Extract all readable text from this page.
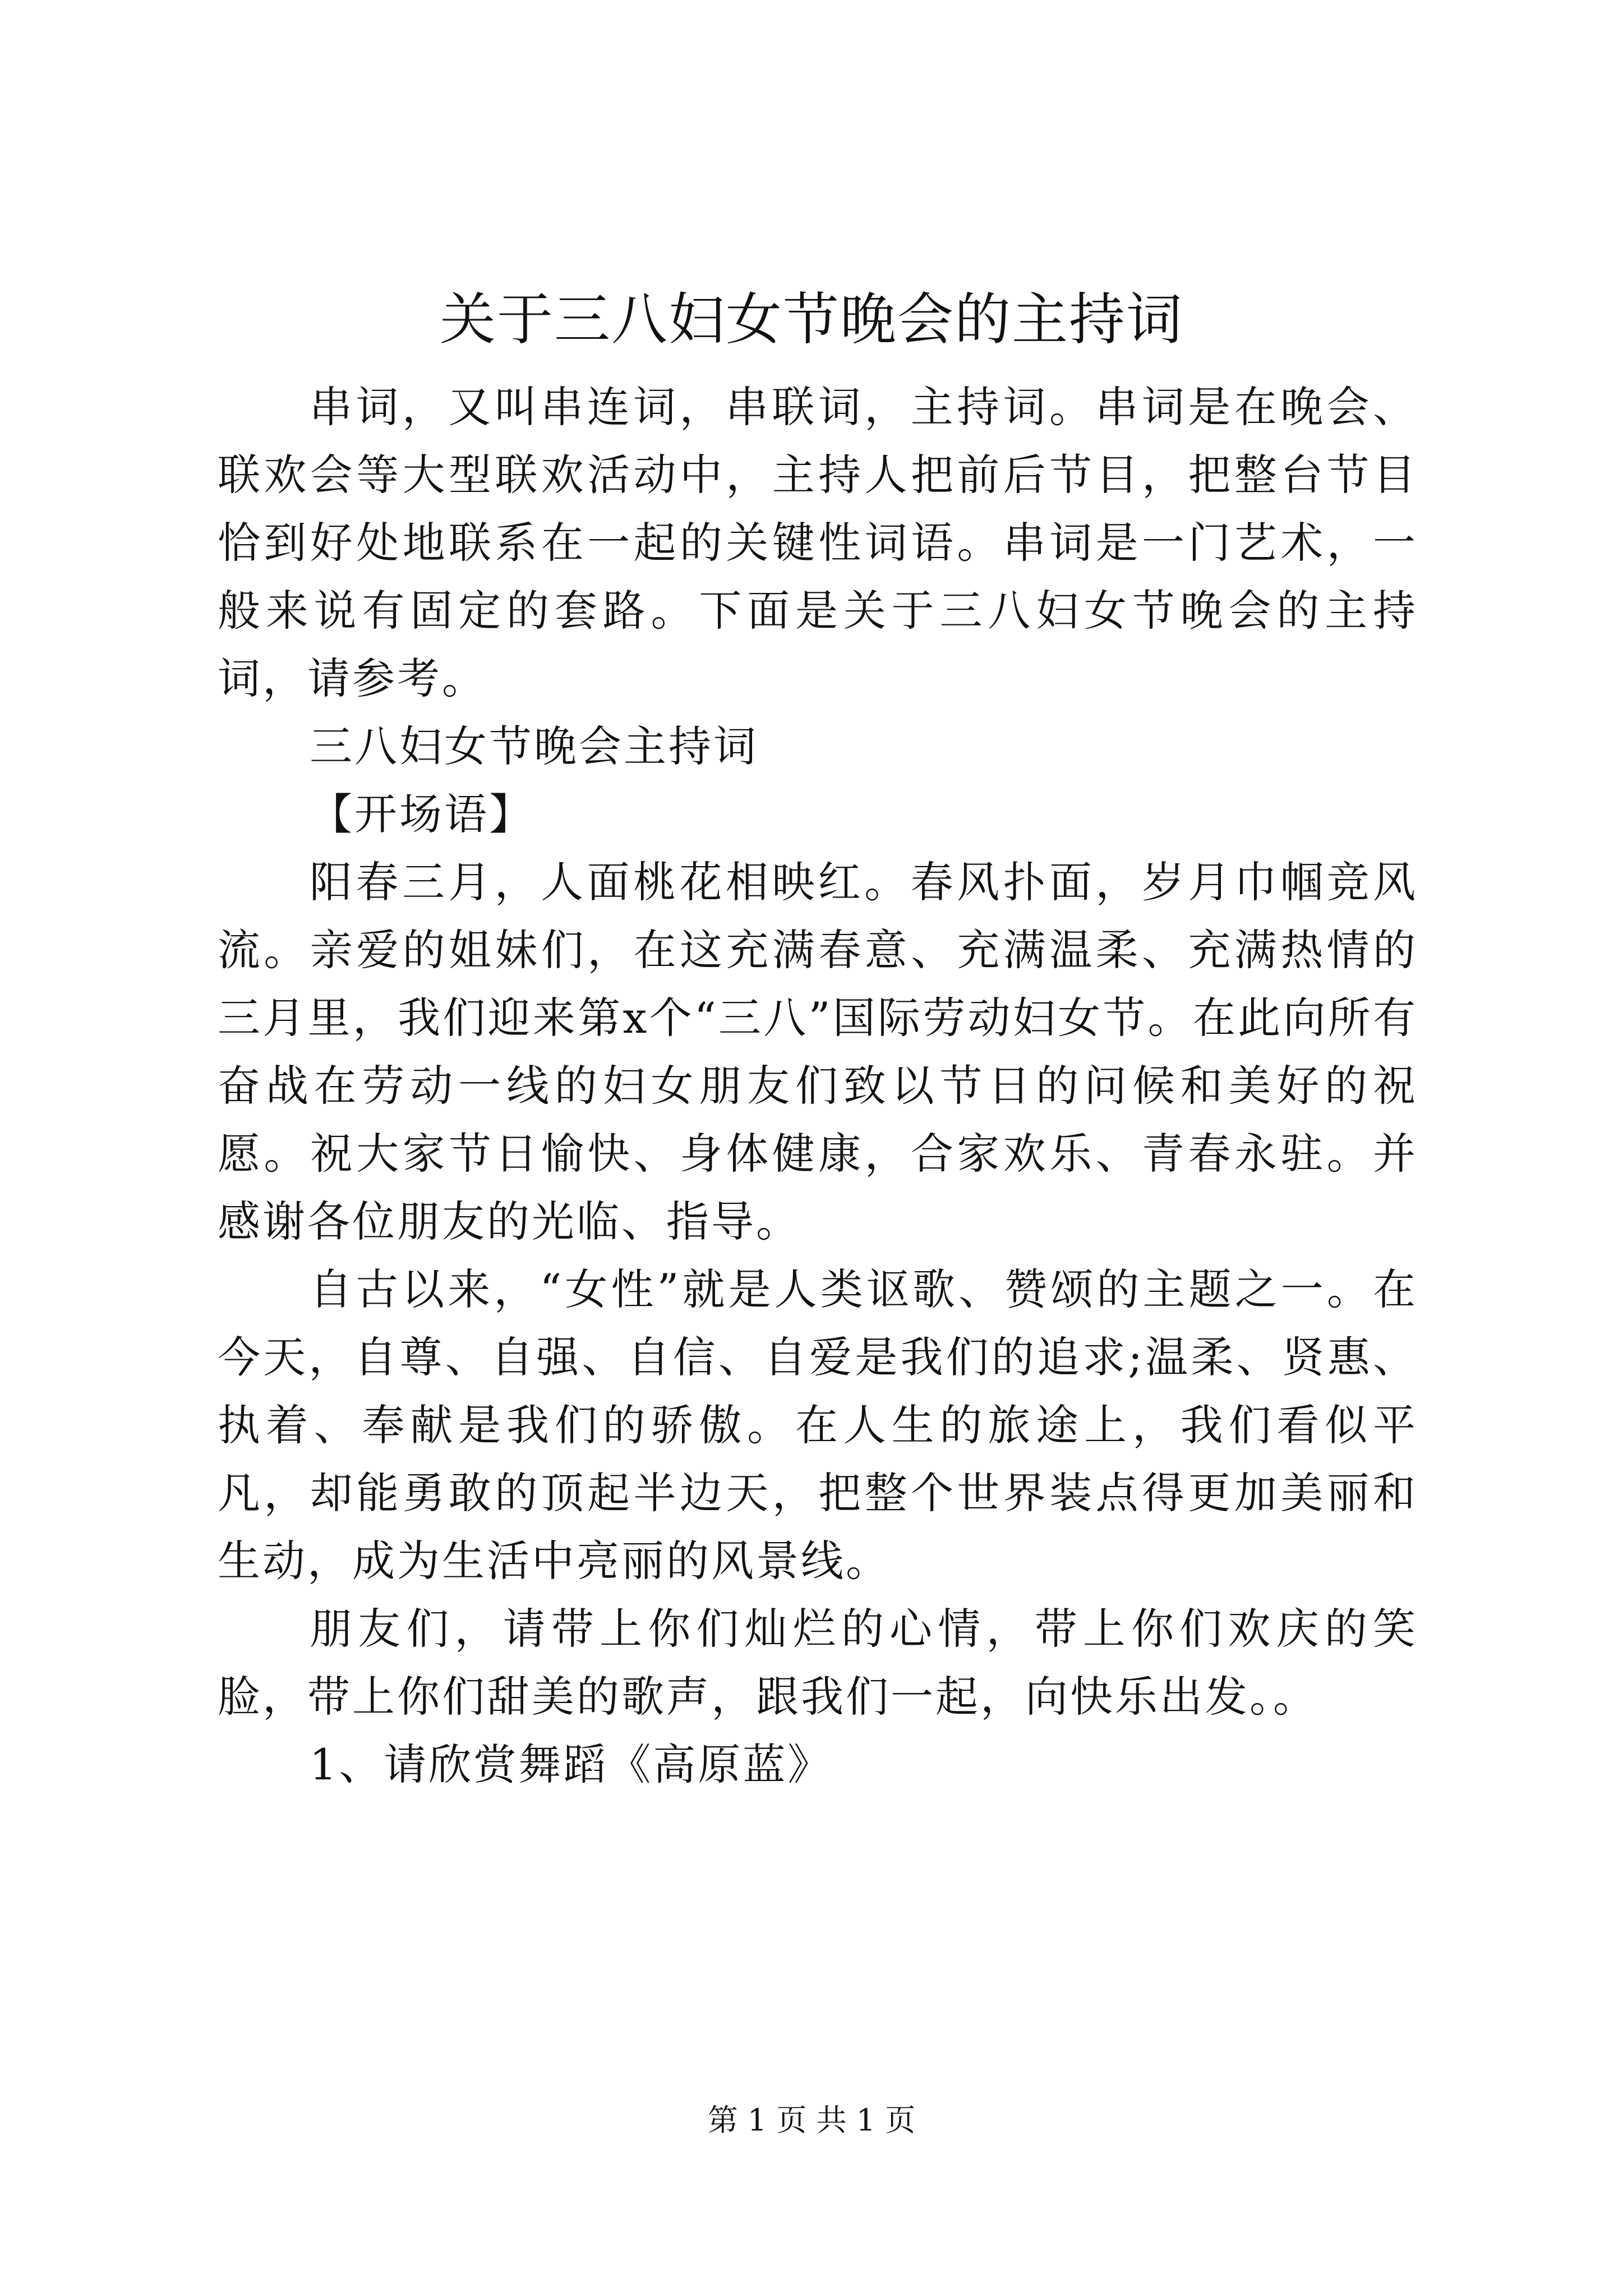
关于三八妇女节晚会的主持词

串词，又叫串连词，串联词，主持词。串词是在晚会、联欢会等大型联欢活动中，主持人把前后节目，把整台节目恰到好处地联系在一起的关键性词语。串词是一门艺术，一般来说有固定的套路。下面是关于三八妇女节晚会的主持词，请参考。

三八妇女节晚会主持词

【开场语】

阳春三月，人面桃花相映红。春风扑面，岁月巾帼竞风流。亲爱的姐妹们，在这充满春意、充满温柔、充满热情的三月里，我们迎来第x个“三八”国际劳动妇女节。在此向所有奋战在劳动一线的妇女朋友们致以节日的问候和美好的祝愿。祝大家节日愉快、身体健康，合家欢乐、青春永驻。并感谢各位朋友的光临、指导。

自古以来，“女性”就是人类讴歌、赞颂的主题之一。在今天，自尊、自强、自信、自爱是我们的追求;温柔、贤惠、执着、奉献是我们的骄傲。在人生的旅途上，我们看似平凡，却能勇敢的顶起半边天，把整个世界装点得更加美丽和生动，成为生活中亮丽的风景线。

朋友们，请带上你们灿烂的心情，带上你们欢庆的笑脸，带上你们甜美的歌声，跟我们一起，向快乐出发。。

1、请欣赏舞蹈《高原蓝》

第 1 页 共 1 页
